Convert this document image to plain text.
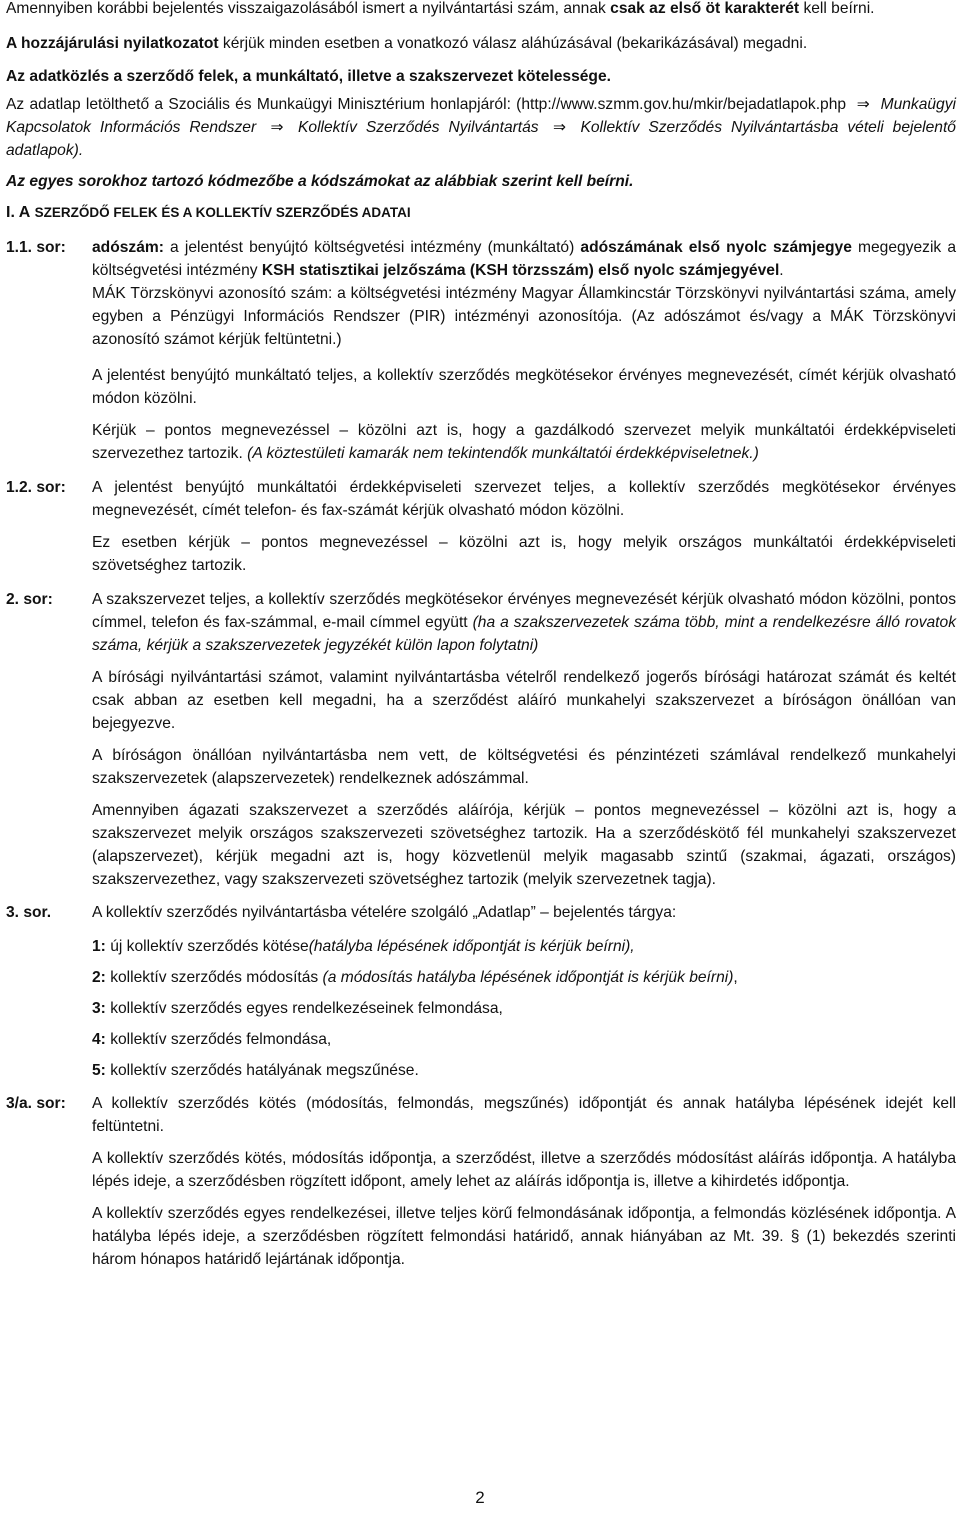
Amennyiben korábbi bejelentés visszaigazolásából ismert a nyilvántartási szám, annak csak az első öt karakterét kell beírni.

A hozzájárulási nyilatkozatot kérjük minden esetben a vonatkozó válasz aláhúzásával (bekarikázásával) megadni.

Az adatközlés a szerződő felek, a munkáltató, illetve a szakszervezet kötelessége.

Az adatlap letölthető a Szociális és Munkaügyi Minisztérium honlapjáról: (http://www.szmm.gov.hu/mkir/bejadatlapok.php ⇒ Munkaügyi Kapcsolatok Információs Rendszer ⇒ Kollektív Szerződés Nyilvántartás ⇒ Kollektív Szerződés Nyilvántartásba vételi bejelentő adatlapok).

Az egyes sorokhoz tartozó kódmezőbe a kódszámokat az alábbiak szerint kell beírni.

I. A SZERZŐDŐ FELEK ÉS A KOLLEKTÍV SZERZŐDÉS ADATAI

1.1. sor:	adószám: a jelentést benyújtó költségvetési intézmény (munkáltató) adószámának első nyolc számjegye megegyezik a költségvetési intézmény KSH statisztikai jelzőszáma (KSH törzsszám) első nyolc számjegyével.

MÁK Törzskönyvi azonosító szám: a költségvetési intézmény Magyar Államkincstár Törzskönyvi nyilvántartási száma, amely egyben a Pénzügyi Információs Rendszer (PIR) intézményi azonosítója. (Az adószámot és/vagy a MÁK Törzskönyvi azonosító számot kérjük feltüntetni.)

A jelentést benyújtó munkáltató teljes, a kollektív szerződés megkötésekor érvényes megnevezését, címét kérjük olvasható módon közölni.

Kérjük – pontos megnevezéssel – közölni azt is, hogy a gazdálkodó szervezet melyik munkáltatói érdekképviseleti szervezethez tartozik. (A köztestületi kamarák nem tekintendők munkáltatói érdekképviseletnek.)

1.2. sor:	A jelentést benyújtó munkáltatói érdekképviseleti szervezet teljes, a kollektív szerződés megkötésekor érvényes megnevezését, címét telefon- és fax-számát kérjük olvasható módon közölni.

Ez esetben kérjük – pontos megnevezéssel – közölni azt is, hogy melyik országos munkáltatói érdekképviseleti szövetséghez tartozik.

2. sor:	A szakszervezet teljes, a kollektív szerződés megkötésekor érvényes megnevezését kérjük olvasható módon közölni, pontos címmel, telefon és fax-számmal, e-mail címmel együtt (ha a szakszervezetek száma több, mint a rendelkezésre álló rovatok száma, kérjük a szakszervezetek jegyzékét külön lapon folytatni)

A bírósági nyilvántartási számot, valamint nyilvántartásba vételről rendelkező jogerős bírósági határozat számát és keltét csak abban az esetben kell megadni, ha a szerződést aláíró munkahelyi szakszervezet a bíróságon önállóan van bejegyezve.

A bíróságon önállóan nyilvántartásba nem vett, de költségvetési és pénzintézeti számlával rendelkező munkahelyi szakszervezetek (alapszervezetek) rendelkeznek adószámmal.

Amennyiben ágazati szakszervezet a szerződés aláírója, kérjük – pontos megnevezéssel – közölni azt is, hogy a szakszervezet melyik országos szakszervezeti szövetséghez tartozik. Ha a szerződéskötő fél munkahelyi szakszervezet (alapszervezet), kérjük megadni azt is, hogy közvetlenül melyik magasabb szintű (szakmai, ágazati, országos) szakszervezethez, vagy szakszervezeti szövetséghez tartozik (melyik szervezetnek tagja).

3. sor.	A kollektív szerződés nyilvántartásba vételére szolgáló „Adatlap” – bejelentés tárgya:

1: új kollektív szerződés kötése(hatályba lépésének időpontját is kérjük beírni),

2: kollektív szerződés módosítás (a módosítás hatályba lépésének időpontját is kérjük beírni),

3: kollektív szerződés egyes rendelkezéseinek felmondása,

4: kollektív szerződés felmondása,

5: kollektív szerződés hatályának megszűnése.

3/a. sor:	A kollektív szerződés kötés (módosítás, felmondás, megszűnés) időpontját és annak hatályba lépésének idejét kell feltüntetni.

A kollektív szerződés kötés, módosítás időpontja, a szerződést, illetve a szerződés módosítást aláírás időpontja. A hatályba lépés ideje, a szerződésben rögzített időpont, amely lehet az aláírás időpontja is, illetve a kihirdetés időpontja.

A kollektív szerződés egyes rendelkezései, illetve teljes körű felmondásának időpontja, a felmondás közlésének időpontja. A hatályba lépés ideje, a szerződésben rögzített felmondási határidő, annak hiányában az Mt. 39. § (1) bekezdés szerinti három hónapos határidő lejártának időpontja.

2
